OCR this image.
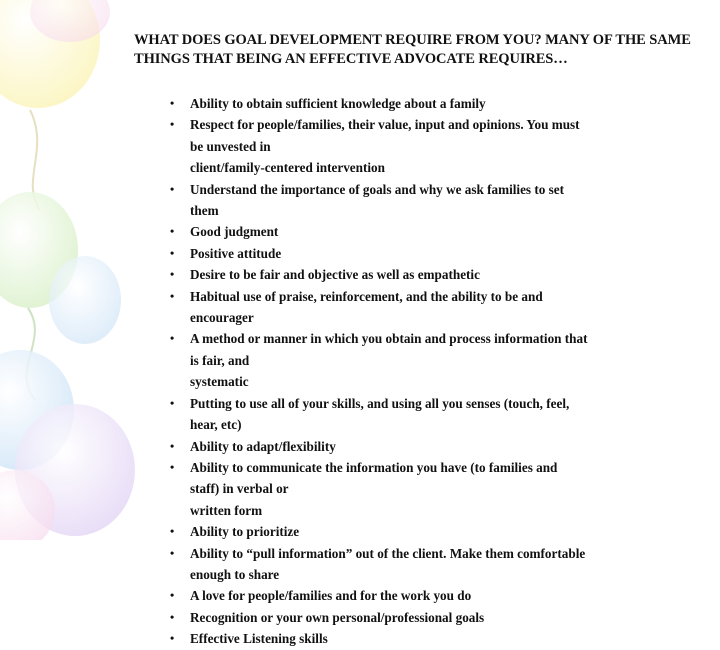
WHAT DOES GOAL DEVELOPMENT REQUIRE FROM YOU? MANY OF THE SAME
THINGS THAT BEING AN EFFECTIVE ADVOCATE REQUIRES…
• Ability to obtain sufficient knowledge about a family
• Respect for people/families, their value, input and opinions. You must be unvested in
client/family-centered intervention
• Understand the importance of goals and why we ask families to set them
• Good judgment
• Positive attitude
• Desire to be fair and objective as well as empathetic
• Habitual use of praise, reinforcement, and the ability to be and encourager
• A method or manner in which you obtain and process information that is fair, and
systematic
• Putting to use all of your skills, and using all you senses (touch, feel, hear, etc)
• Ability to adapt/flexibility
• Ability to communicate the information you have (to families and staff) in verbal or
written form
• Ability to prioritize
• Ability to “pull information” out of the client. Make them comfortable enough to share
• A love for people/families and for the work you do
• Recognition or your own personal/professional goals
• Effective Listening skills
